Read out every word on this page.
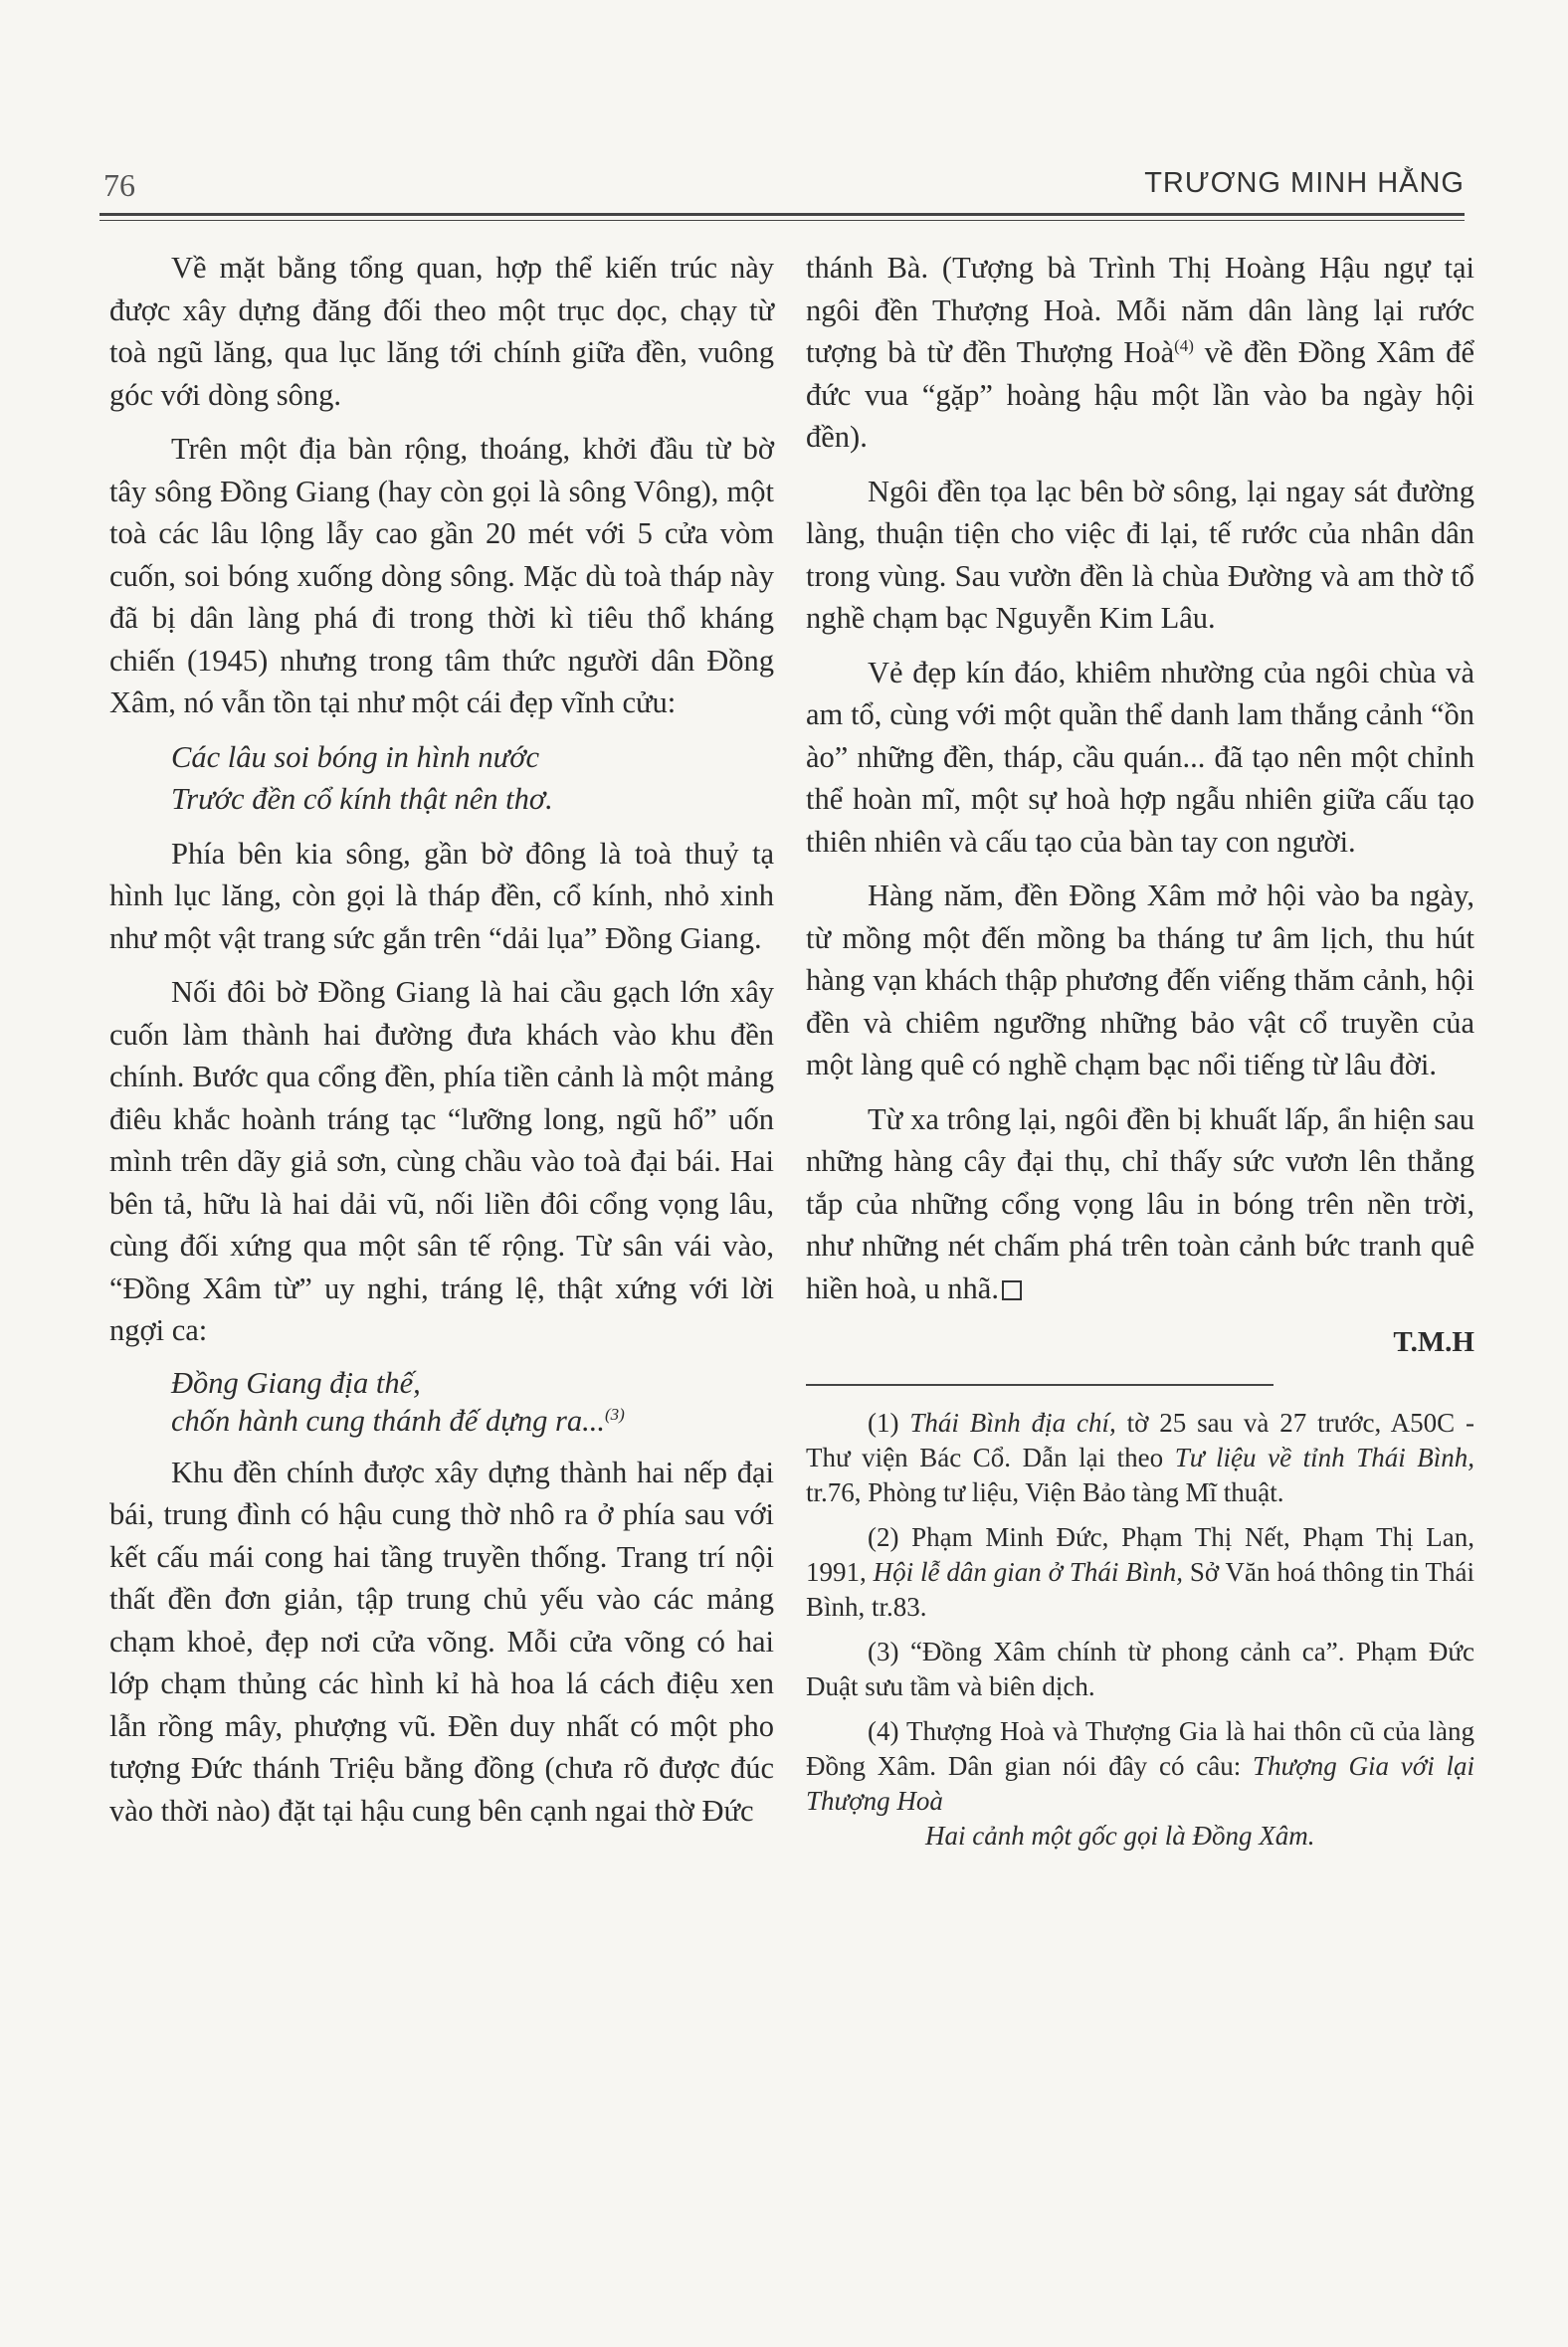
76	TRƯƠNG MINH HẰNG

Về mặt bằng tổng quan, hợp thể kiến trúc này được xây dựng đăng đối theo một trục dọc, chạy từ toà ngũ lăng, qua lục lăng tới chính giữa đền, vuông góc với dòng sông.

Trên một địa bàn rộng, thoáng, khởi đầu từ bờ tây sông Đồng Giang (hay còn gọi là sông Vông), một toà các lâu lộng lẫy cao gần 20 mét với 5 cửa vòm cuốn, soi bóng xuống dòng sông. Mặc dù toà tháp này đã bị dân làng phá đi trong thời kì tiêu thổ kháng chiến (1945) nhưng trong tâm thức người dân Đồng Xâm, nó vẫn tồn tại như một cái đẹp vĩnh cửu:

Các lâu soi bóng in hình nước
Trước đền cổ kính thật nên thơ.

Phía bên kia sông, gần bờ đông là toà thuỷ tạ hình lục lăng, còn gọi là tháp đền, cổ kính, nhỏ xinh như một vật trang sức gắn trên “dải lụa” Đồng Giang.

Nối đôi bờ Đồng Giang là hai cầu gạch lớn xây cuốn làm thành hai đường đưa khách vào khu đền chính. Bước qua cổng đền, phía tiền cảnh là một mảng điêu khắc hoành tráng tạc “lưỡng long, ngũ hổ” uốn mình trên dãy giả sơn, cùng chầu vào toà đại bái. Hai bên tả, hữu là hai dải vũ, nối liền đôi cổng vọng lâu, cùng đối xứng qua một sân tế rộng. Từ sân vái vào, “Đồng Xâm từ” uy nghi, tráng lệ, thật xứng với lời ngợi ca:

Đồng Giang địa thế,
chốn hành cung thánh đế dựng ra...$^{(3)}$

Khu đền chính được xây dựng thành hai nếp đại bái, trung đình có hậu cung thờ nhô ra ở phía sau với kết cấu mái cong hai tầng truyền thống. Trang trí nội thất đền đơn giản, tập trung chủ yếu vào các mảng chạm khoẻ, đẹp nơi cửa võng. Mỗi cửa võng có hai lớp chạm thủng các hình kỉ hà hoa lá cách điệu xen lẫn rồng mây, phượng vũ. Đền duy nhất có một pho tượng Đức thánh Triệu bằng đồng (chưa rõ được đúc vào thời nào) đặt tại hậu cung bên cạnh ngai thờ Đức

thánh Bà. (Tượng bà Trình Thị Hoàng Hậu ngự tại ngôi đền Thượng Hoà. Mỗi năm dân làng lại rước tượng bà từ đền Thượng Hoà$^{(4)}$ về đền Đồng Xâm để đức vua “gặp” hoàng hậu một lần vào ba ngày hội đền).

Ngôi đền tọa lạc bên bờ sông, lại ngay sát đường làng, thuận tiện cho việc đi lại, tế rước của nhân dân trong vùng. Sau vườn đền là chùa Đường và am thờ tổ nghề chạm bạc Nguyễn Kim Lâu.

Vẻ đẹp kín đáo, khiêm nhường của ngôi chùa và am tổ, cùng với một quần thể danh lam thắng cảnh “ồn ào” những đền, tháp, cầu quán... đã tạo nên một chỉnh thể hoàn mĩ, một sự hoà hợp ngẫu nhiên giữa cấu tạo thiên nhiên và cấu tạo của bàn tay con người.

Hàng năm, đền Đồng Xâm mở hội vào ba ngày, từ mồng một đến mồng ba tháng tư âm lịch, thu hút hàng vạn khách thập phương đến viếng thăm cảnh, hội đền và chiêm ngưỡng những bảo vật cổ truyền của một làng quê có nghề chạm bạc nổi tiếng từ lâu đời.

Từ xa trông lại, ngôi đền bị khuất lấp, ẩn hiện sau những hàng cây đại thụ, chỉ thấy sức vươn lên thẳng tắp của những cổng vọng lâu in bóng trên nền trời, như những nét chấm phá trên toàn cảnh bức tranh quê hiền hoà, u nhã.

T.M.H
(1) Thái Bình địa chí, tờ 25 sau và 27 trước, A50C - Thư viện Bác Cổ. Dẫn lại theo Tư liệu về tỉnh Thái Bình, tr.76, Phòng tư liệu, Viện Bảo tàng Mĩ thuật.
(2) Phạm Minh Đức, Phạm Thị Nết, Phạm Thị Lan, 1991, Hội lễ dân gian ở Thái Bình, Sở Văn hoá thông tin Thái Bình, tr.83.
(3) “Đồng Xâm chính từ phong cảnh ca”. Phạm Đức Duật sưu tầm và biên dịch.
(4) Thượng Hoà và Thượng Gia là hai thôn cũ của làng Đồng Xâm. Dân gian nói đây có câu: Thượng Gia với lại Thượng Hoà
Hai cảnh một gốc gọi là Đồng Xâm.
